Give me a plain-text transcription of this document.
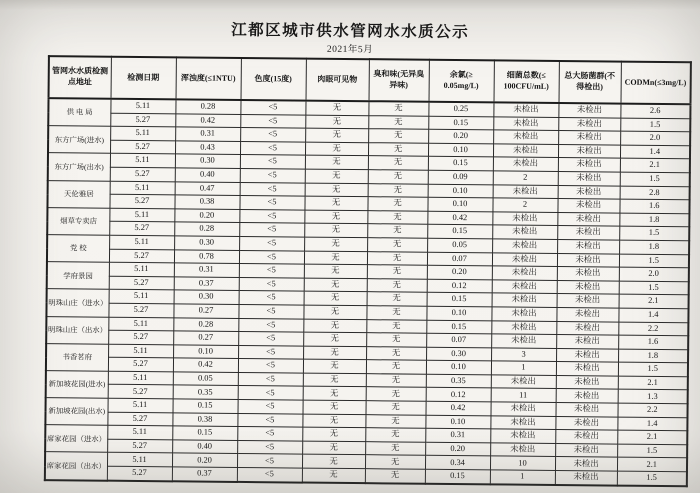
江都区城市供水管网水水质公示
2021年5月
管网水水质检测
点地址	检测日期	浑浊度(≤1NTU)	色度(15度)	肉眼可见物	臭和味(无异臭
异味)	余氯(≥
0.05mg/L)	细菌总数(≤
100CFU/mL)	总大肠菌群(不
得检出)	CODMn(≤3mg/L)
供 电 局	5.11	0.28	<5	无	无	0.25	未检出	未检出	2.6
	5.27	0.42	<5	无	无	0.15	未检出	未检出	1.5
东方广场(进水)	5.11	0.31	<5	无	无	0.20	未检出	未检出	2.0
	5.27	0.43	<5	无	无	0.10	未检出	未检出	1.4
东方广场(出水)	5.11	0.30	<5	无	无	0.15	未检出	未检出	2.1
	5.27	0.40	<5	无	无	0.09	2	未检出	1.5
天伦雅居	5.11	0.47	<5	无	无	0.10	未检出	未检出	2.8
	5.27	0.38	<5	无	无	0.10	2	未检出	1.6
烟草专卖店	5.11	0.20	<5	无	无	0.42	未检出	未检出	1.8
	5.27	0.28	<5	无	无	0.15	未检出	未检出	1.5
党 校	5.11	0.30	<5	无	无	0.05	未检出	未检出	1.8
	5.27	0.78	<5	无	无	0.07	未检出	未检出	1.5
学府景园	5.11	0.31	<5	无	无	0.20	未检出	未检出	2.0
	5.27	0.37	<5	无	无	0.12	未检出	未检出	1.5
明珠山庄（进水）	5.11	0.30	<5	无	无	0.15	未检出	未检出	2.1
	5.27	0.27	<5	无	无	0.10	未检出	未检出	1.4
明珠山庄（出水）	5.11	0.28	<5	无	无	0.15	未检出	未检出	2.2
	5.27	0.27	<5	无	无	0.07	未检出	未检出	1.6
书香茗府	5.11	0.10	<5	无	无	0.30	3	未检出	1.8
	5.27	0.42	<5	无	无	0.10	1	未检出	1.5
新加坡花园(进水)	5.11	0.05	<5	无	无	0.35	未检出	未检出	2.1
	5.27	0.35	<5	无	无	0.12	11	未检出	1.3
新加坡花园(出水)	5.11	0.15	<5	无	无	0.42	未检出	未检出	2.2
	5.27	0.38	<5	无	无	0.10	未检出	未检出	1.4
席家花园（进水）	5.11	0.15	<5	无	无	0.31	未检出	未检出	2.1
	5.27	0.40	<5	无	无	0.20	未检出	未检出	1.5
席家花园（出水）	5.11	0.20	<5	无	无	0.34	10	未检出	2.1
	5.27	0.37	<5	无	无	0.15	1	未检出	1.5
